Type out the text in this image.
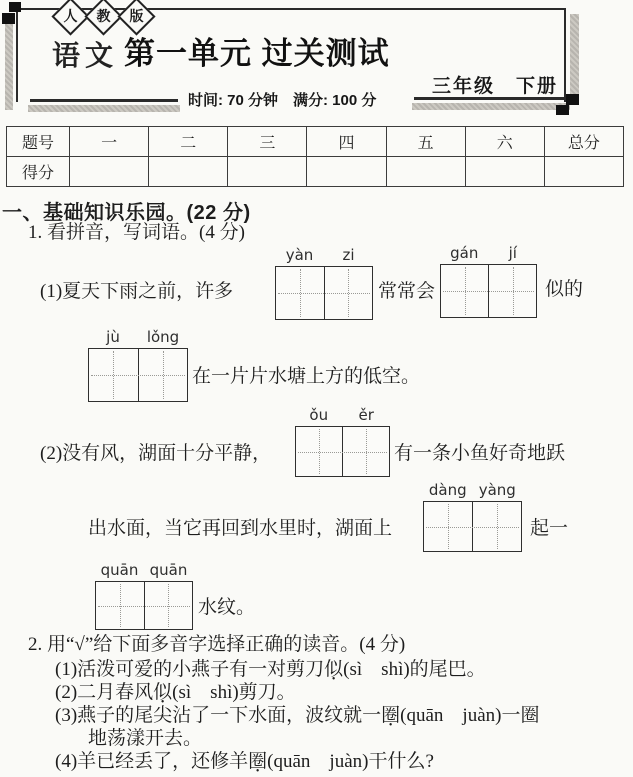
人 教 版
语文 第一单元 过关测试
三年级　下册
时间: 70 分钟　满分: 100 分
题号	一	二	三	四	五	六	总分
得分							
一、基础知识乐园。(22 分)
1. 看拼音，写词语。(4 分)
yàn	zi	gán	jí
(1)夏天下雨之前，许多	常常会	似的
jù	lǒng
在一片片水塘上方的低空。
ǒu	ěr
(2)没有风，湖面十分平静，	有一条小鱼好奇地跃
dàng yàng
出水面，当它再回到水里时，湖面上	起一
quān quān
水纹。
2. 用“√”给下面多音字选择正确的读音。(4 分)
(1)活泼可爱的小燕子有一对剪刀似(sì　shì)的尾巴。
(2)二月春风似(sì　shì)剪刀。
(3)燕子的尾尖沾了一下水面，波纹就一圈(quān　juàn)一圈
地荡漾开去。
(4)羊已经丢了，还修羊圈(quān　juàn)干什么?
